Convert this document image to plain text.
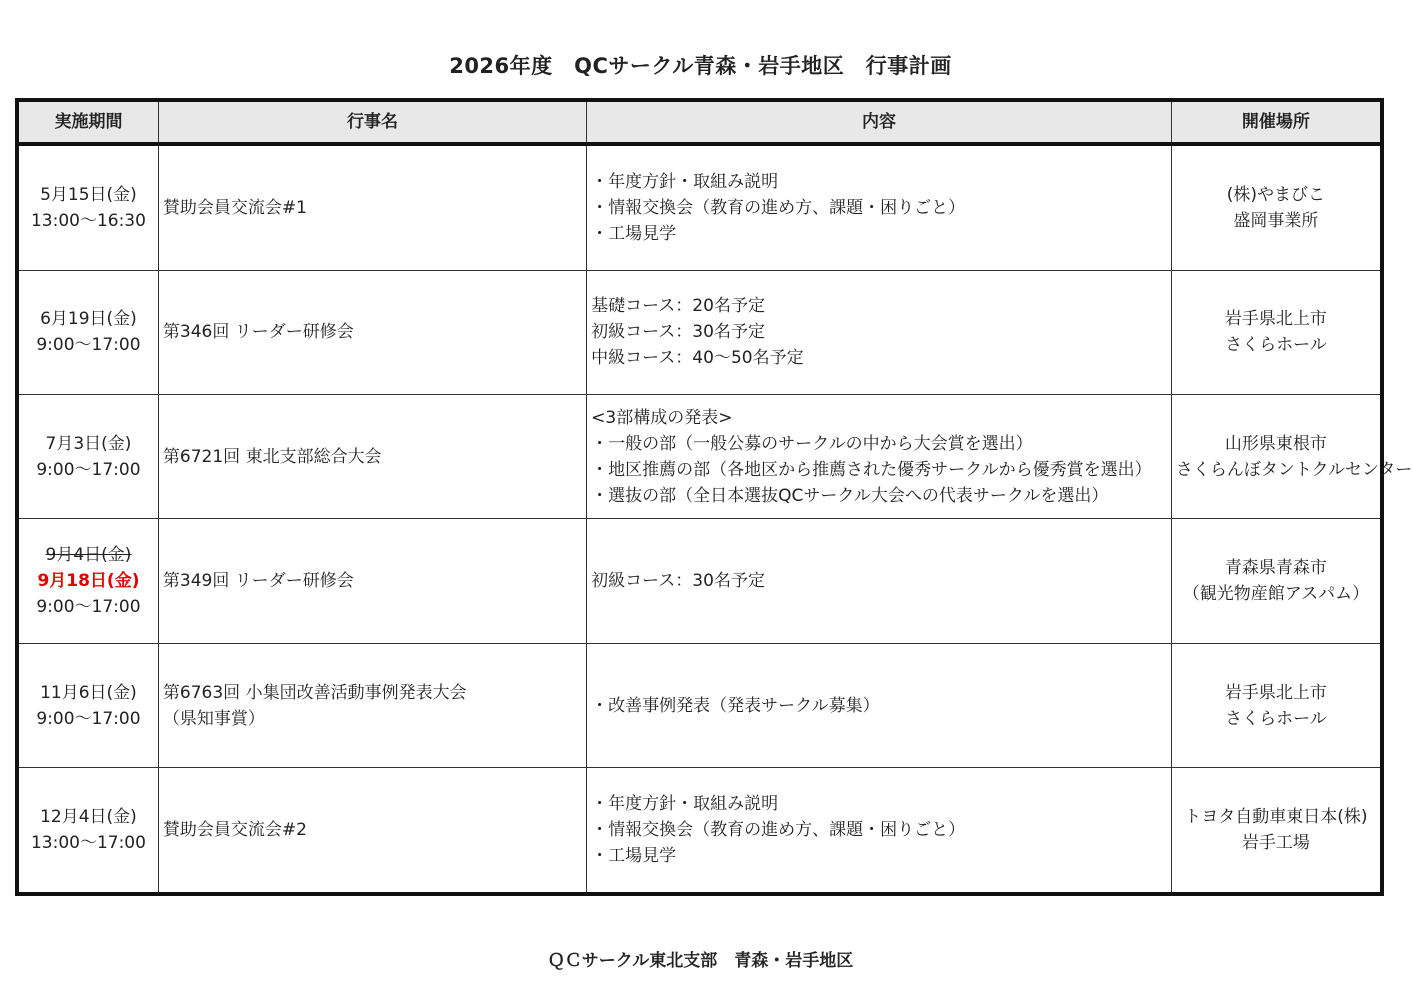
2026年度　QCサークル青森・岩手地区　行事計画
実施期間	行事名	内容	開催場所

5月15日(金)
13:00～16:30	賛助会員交流会#1	・年度方針・取組み説明
・情報交換会（教育の進め方、課題・困りごと）
・工場見学	(株)やまびこ
盛岡事業所

6月19日(金)
9:00～17:00	第346回 リーダー研修会	基礎コース：20名予定
初級コース：30名予定
中級コース：40～50名予定	岩手県北上市
さくらホール

7月3日(金)
9:00～17:00	第6721回 東北支部総合大会	<3部構成の発表>
・一般の部（一般公募のサークルの中から大会賞を選出）
・地区推薦の部（各地区から推薦された優秀サークルから優秀賞を選出）
・選抜の部（全日本選抜QCサークル大会への代表サークルを選出）	山形県東根市
さくらんぼタントクルセンター

9月4日(金)
9月18日(金)
9:00～17:00	第349回 リーダー研修会	初級コース：30名予定	青森県青森市
（観光物産館アスパム）

11月6日(金)
9:00～17:00	第6763回 小集団改善活動事例発表大会
（県知事賞）	・改善事例発表（発表サークル募集）	岩手県北上市
さくらホール

12月4日(金)
13:00～17:00	賛助会員交流会#2	・年度方針・取組み説明
・情報交換会（教育の進め方、課題・困りごと）
・工場見学	トヨタ自動車東日本(株)
岩手工場
ＱＣサークル東北支部　青森・岩手地区
